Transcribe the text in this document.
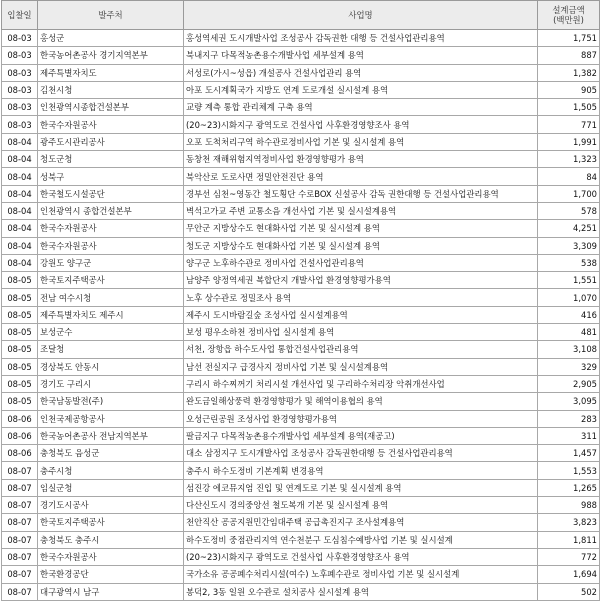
입찰일	발주처	사업명	설계금액
(백만원)

08-03	홍성군	홍성역세권 도시개발사업 조성공사 감독권한 대행 등 건설사업관리용역	1,751
08-03	한국농어촌공사 경기지역본부	북내지구 다목적농촌용수개발사업 세부설계 용역	887
08-03	제주특별자치도	서성로(가시~성읍) 개설공사 건설사업관리 용역	1,382
08-03	김천시청	아포 도시계획국가 지방도 연계 도로개설 실시설계 용역	905
08-03	인천광역시종합건설본부	교량 계측 통합 관리체계 구축 용역	1,505
08-03	한국수자원공사	(20~23)시화지구 광역도로 건설사업 사후환경영향조사 용역	771
08-04	광주도시관리공사	오포 도척처리구역 하수관로정비사업 기본 및 실시설계 용역	1,991
08-04	청도군청	동창천 재해위험지역정비사업 환경영향평가 용역	1,323
08-04	성북구	북악산로 도로사면 정밀안전진단 용역	84
08-04	한국철도시설공단	경부선 심천~영동간 철도횡단 수로BOX 신설공사 감독 권한대행 등 건설사업관리용역	1,700
08-04	인천광역시 종합건설본부	벽석고가교 주변 교통소음 개선사업 기본 및 실시설계용역	578
08-04	한국수자원공사	무안군 지방상수도 현대화사업 기본 및 실시설계 용역	4,251
08-04	한국수자원공사	청도군 지방상수도 현대화사업 기본 및 실시설계 용역	3,309
08-04	강원도 양구군	양구군 노후하수관로 정비사업 건설사업관리용역	538
08-05	한국토지주택공사	남양주 양정역세권 복합단지 개발사업 환경영향평가용역	1,551
08-05	전남 여수시청	노후 상수관로 정밀조사 용역	1,070
08-05	제주특별자치도 제주시	제주시 도시바람길숲 조성사업 실시설계용역	416
08-05	보성군수	보성 평우소하천 정비사업 실시설계 용역	481
08-05	조달청	서천, 장항읍 하수도사업 통합건설사업관리용역	3,108
08-05	경상북도 안동시	남선 전실지구 급경사지 정비사업 기본 및 실시설계용역	329
08-05	경기도 구리시	구리시 하수찌꺼기 처리시설 개선사업 및 구리하수처리장 악취개선사업	2,905
08-05	한국남동발전(주)	완도금일해상풍력 환경영향평가 및 해역이용협의 용역	3,095
08-06	인천국제공항공사	오성근린공원 조성사업 환경영향평가용역	283
08-06	한국농어촌공사 전남지역본부	팔금지구 다목적농촌용수개발사업 세부설계 용역(재공고)	311
08-06	충청북도 음성군	대소 삼정지구 도시개발사업 조성공사 감독권한대행 등 건설사업관리용역	1,457
08-07	충주시청	충주시 하수도정비 기본계획 변경용역	1,553
08-07	임실군청	섬진강 에코뮤지엄 진입 및 연계도로 기본 및 실시설계 용역	1,265
08-07	경기도시공사	다산신도시 경의중앙선 철도복개 기본 및 실시설계 용역	988
08-07	한국토지주택공사	천안직산 공공지원민간임대주택 공급촉진지구 조사설계용역	3,823
08-07	충청북도 충주시	하수도정비 중점관리지역 연수천분구 도심침수예방사업 기본 및 실시설계	1,811
08-07	한국수자원공사	(20~23)시화지구 광역도로 건설사업 사후환경영향조사 용역	772
08-07	한국환경공단	국가소유 공공폐수처리시설(여수) 노후폐수관로 정비사업 기본 및 실시설계	1,694
08-07	대구광역시 남구	봉덕2, 3동 일원 오수관로 설치공사 실시설계 용역	502
